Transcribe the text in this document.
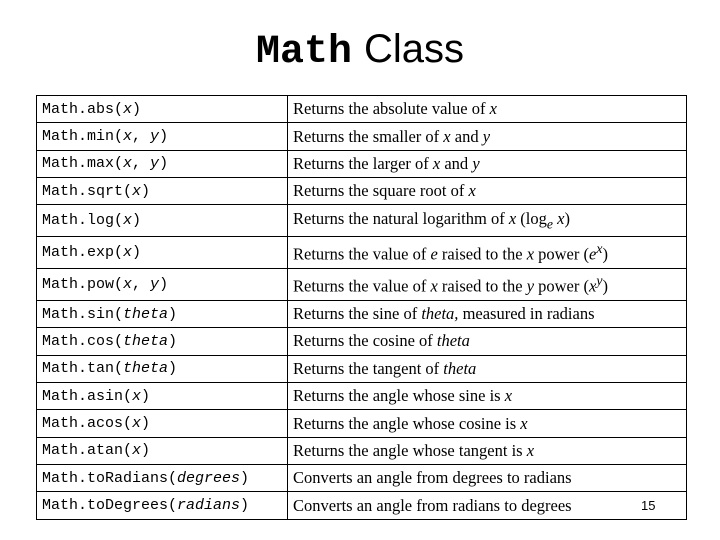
Math Class
Math.abs(x)	Returns the absolute value of x
Math.min(x, y)	Returns the smaller of x and y
Math.max(x, y)	Returns the larger of x and y
Math.sqrt(x)	Returns the square root of x
Math.log(x)	Returns the natural logarithm of x ($\log_e$ x)
Math.exp(x)	Returns the value of e raised to the x power $(e^x)$
Math.pow(x, y)	Returns the value of x raised to the y power $(x^y)$
Math.sin(theta)	Returns the sine of theta, measured in radians
Math.cos(theta)	Returns the cosine of theta
Math.tan(theta)	Returns the tangent of theta
Math.asin(x)	Returns the angle whose sine is x
Math.acos(x)	Returns the angle whose cosine is x
Math.atan(x)	Returns the angle whose tangent is x
Math.toRadians(degrees)	Converts an angle from degrees to radians
Math.toDegrees(radians)	Converts an angle from radians to degrees	15
